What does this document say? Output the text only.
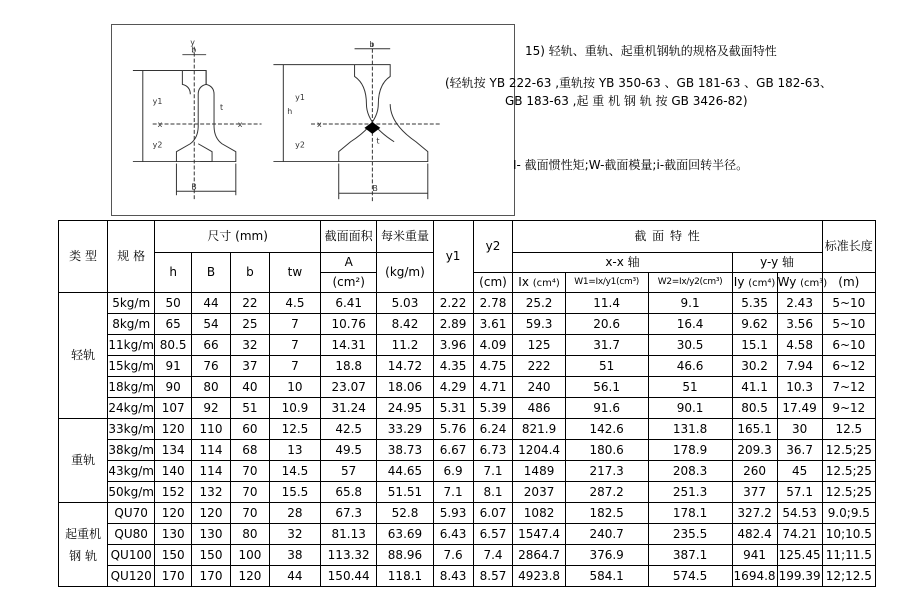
b
B
x	x
y
y1
y2
t
b
B
x
h
y1
y2	t
15) 轻轨、重轨、起重机钢轨的规格及截面特性
(轻轨按 YB 222-63 ,重轨按 YB 350-63 、GB 181-63 、GB 182-63、
GB 183-63 ,起 重 机 钢 轨 按 GB 3426-82)
I- 截面惯性矩;W-截面模量;i-截面回转半径。
类 型	规 格	尺寸 (mm)				截面面积	每米重量	y1	y2	截 面 特 性					标准长度
		h	B	b	tw	A	(kg/m)			x-x 轴			y-y 轴		
						(cm²)			(cm)	Ix (cm⁴)	W1=Ix/y1(cm³)	W2=Ix/y2(cm³)	Iy (cm⁴)	Wy (cm³)	(m)
轻轨	5kg/m	50	44	22	4.5	6.41	5.03	2.22	2.78	25.2	11.4	9.1	5.35	2.43	5~10
	8kg/m	65	54	25	7	10.76	8.42	2.89	3.61	59.3	20.6	16.4	9.62	3.56	5~10
	11kg/m	80.5	66	32	7	14.31	11.2	3.96	4.09	125	31.7	30.5	15.1	4.58	6~10
	15kg/m	91	76	37	7	18.8	14.72	4.35	4.75	222	51	46.6	30.2	7.94	6~12
	18kg/m	90	80	40	10	23.07	18.06	4.29	4.71	240	56.1	51	41.1	10.3	7~12
	24kg/m	107	92	51	10.9	31.24	24.95	5.31	5.39	486	91.6	90.1	80.5	17.49	9~12
重轨	33kg/m	120	110	60	12.5	42.5	33.29	5.76	6.24	821.9	142.6	131.8	165.1	30	12.5
	38kg/m	134	114	68	13	49.5	38.73	6.67	6.73	1204.4	180.6	178.9	209.3	36.7	12.5;25
	43kg/m	140	114	70	14.5	57	44.65	6.9	7.1	1489	217.3	208.3	260	45	12.5;25
	50kg/m	152	132	70	15.5	65.8	51.51	7.1	8.1	2037	287.2	251.3	377	57.1	12.5;25

起重机
钢 轨	QU70	120	120	70	28	67.3	52.8	5.93	6.07	1082	182.5	178.1	327.2	54.53	9.0;9.5
	QU80	130	130	80	32	81.13	63.69	6.43	6.57	1547.4	240.7	235.5	482.4	74.21	10;10.5
	QU100	150	150	100	38	113.32	88.96	7.6	7.4	2864.7	376.9	387.1	941	125.45	11;11.5
	QU120	170	170	120	44	150.44	118.1	8.43	8.57	4923.8	584.1	574.5	1694.8	199.39	12;12.5
